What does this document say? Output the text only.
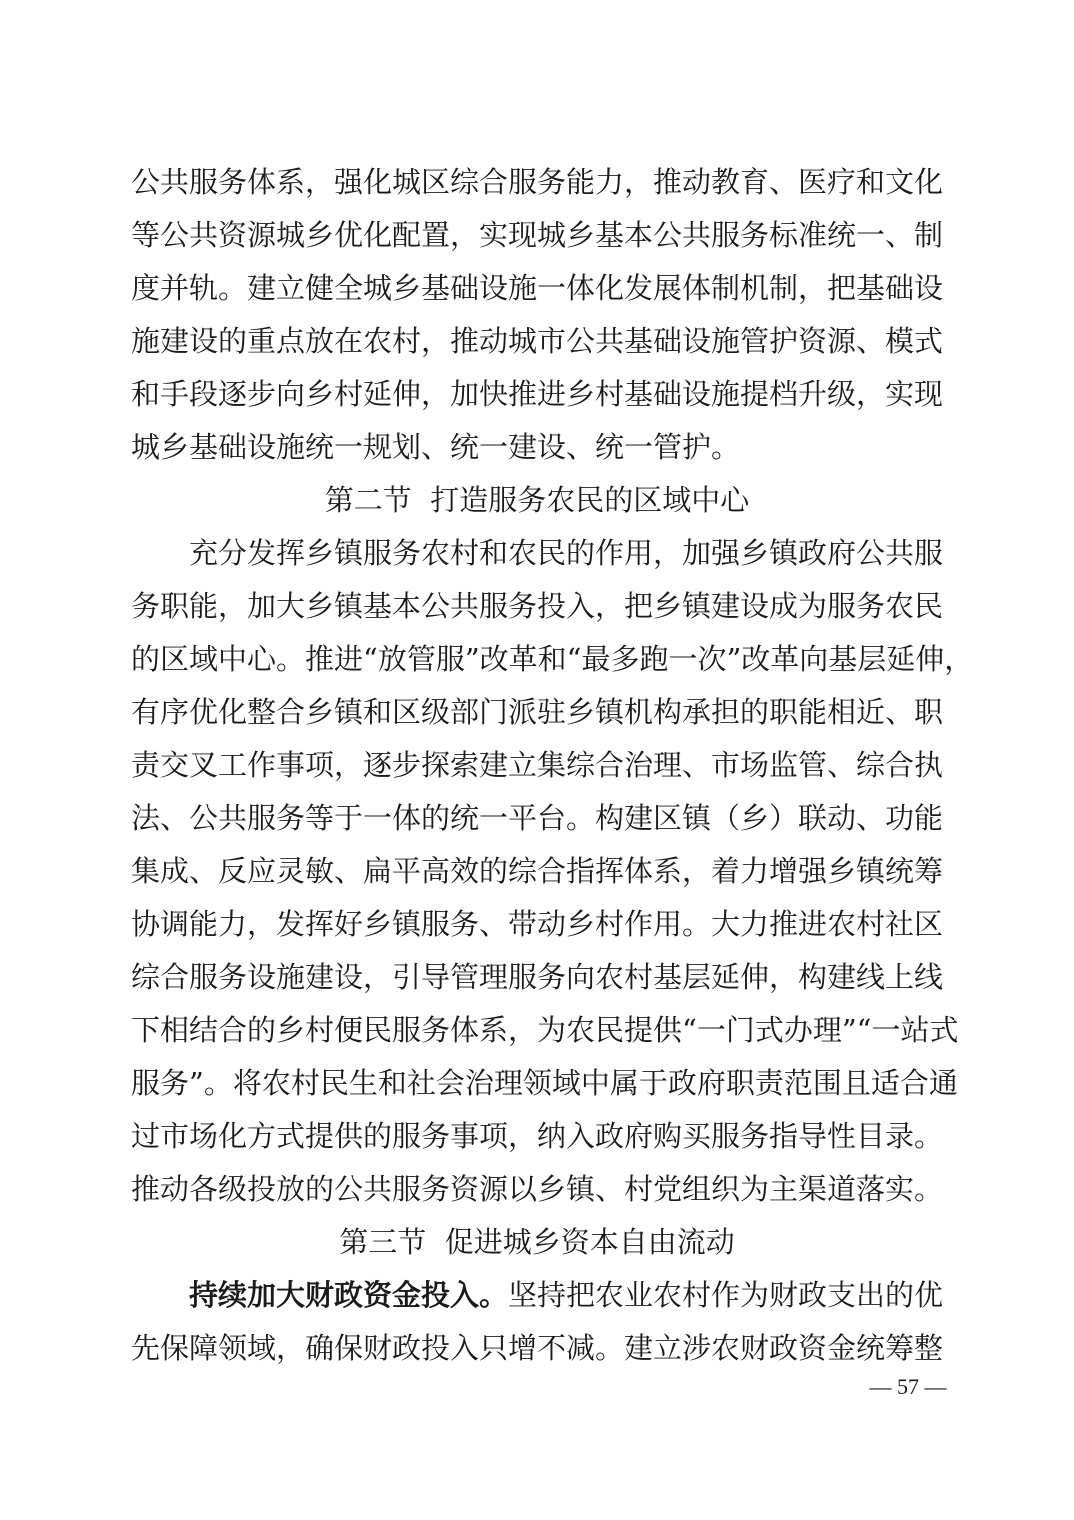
公共服务体系，强化城区综合服务能力，推动教育、医疗和文化
等公共资源城乡优化配置，实现城乡基本公共服务标准统一、制
度并轨。建立健全城乡基础设施一体化发展体制机制，把基础设
施建设的重点放在农村，推动城市公共基础设施管护资源、模式
和手段逐步向乡村延伸，加快推进乡村基础设施提档升级，实现
城乡基础设施统一规划、统一建设、统一管护。
第二节  打造服务农民的区域中心
充分发挥乡镇服务农村和农民的作用，加强乡镇政府公共服
务职能，加大乡镇基本公共服务投入，把乡镇建设成为服务农民
的区域中心。推进“放管服”改革和“最多跑一次”改革向基层延伸，
有序优化整合乡镇和区级部门派驻乡镇机构承担的职能相近、职
责交叉工作事项，逐步探索建立集综合治理、市场监管、综合执
法、公共服务等于一体的统一平台。构建区镇（乡）联动、功能
集成、反应灵敏、扁平高效的综合指挥体系，着力增强乡镇统筹
协调能力，发挥好乡镇服务、带动乡村作用。大力推进农村社区
综合服务设施建设，引导管理服务向农村基层延伸，构建线上线
下相结合的乡村便民服务体系，为农民提供“一门式办理”“一站式
服务”。将农村民生和社会治理领域中属于政府职责范围且适合通
过市场化方式提供的服务事项，纳入政府购买服务指导性目录。
推动各级投放的公共服务资源以乡镇、村党组织为主渠道落实。
第三节  促进城乡资本自由流动
持续加大财政资金投入。坚持把农业农村作为财政支出的优
先保障领域，确保财政投入只增不减。建立涉农财政资金统筹整
— 57 —
